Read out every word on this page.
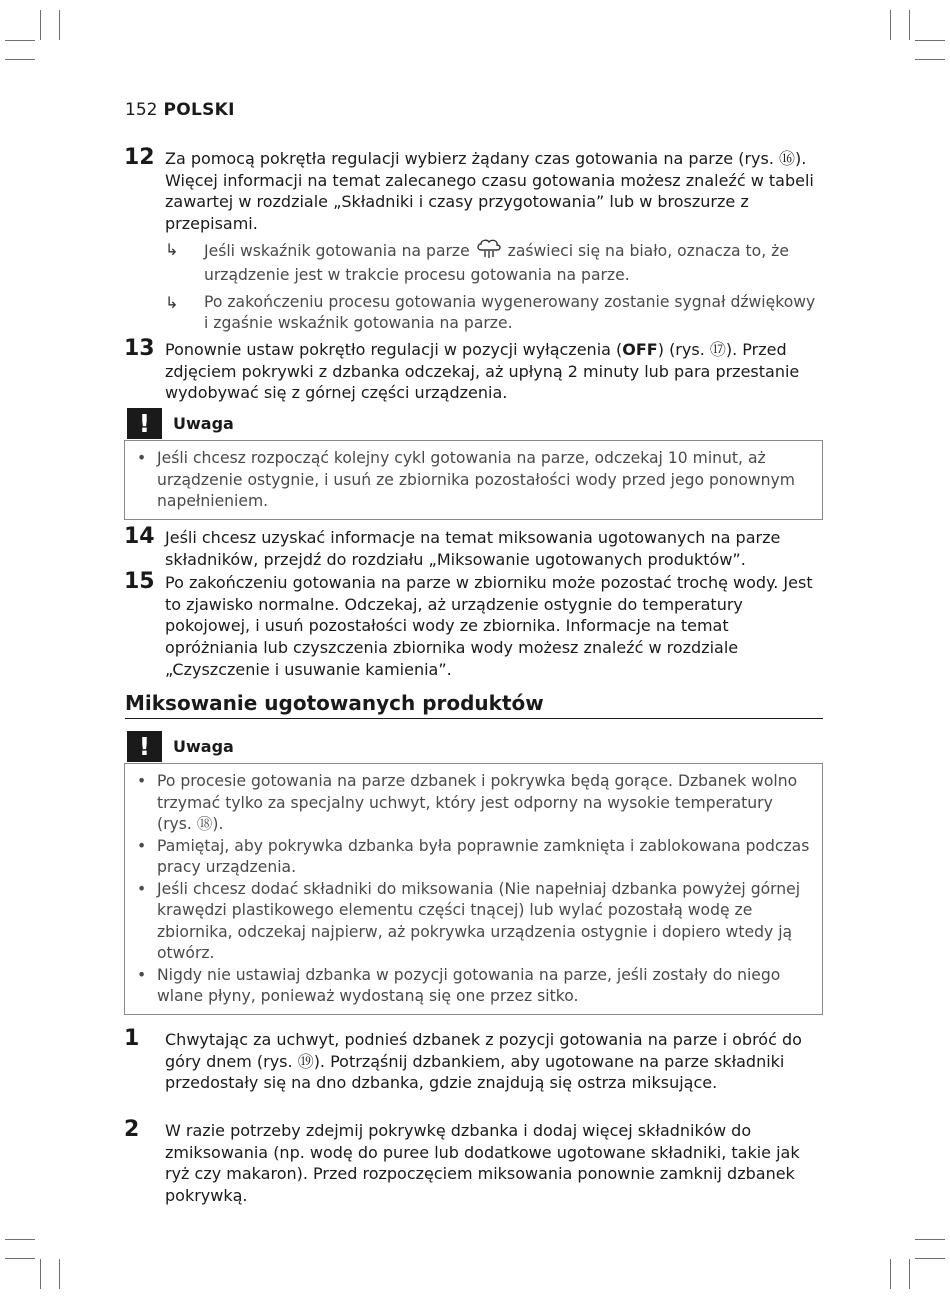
152 POLSKI
12 Za pomocą pokrętła regulacji wybierz żądany czas gotowania na parze (rys. ⑯). Więcej informacji na temat zalecanego czasu gotowania możesz znaleźć w tabeli zawartej w rozdziale „Składniki i czasy przygotowania” lub w broszurze z przepisami.
↳ Jeśli wskaźnik gotowania na parze zaświeci się na biało, oznacza to, że urządzenie jest w trakcie procesu gotowania na parze.
↳ Po zakończeniu procesu gotowania wygenerowany zostanie sygnał dźwiękowy i zgaśnie wskaźnik gotowania na parze.
13 Ponownie ustaw pokrętło regulacji w pozycji wyłączenia (OFF) (rys. ⑰). Przed zdjęciem pokrywki z dzbanka odczekaj, aż upłyną 2 minuty lub para przestanie wydobywać się z górnej części urządzenia.
!	Uwaga
• Jeśli chcesz rozpocząć kolejny cykl gotowania na parze, odczekaj 10 minut, aż urządzenie ostygnie, i usuń ze zbiornika pozostałości wody przed jego ponownym napełnieniem.
14 Jeśli chcesz uzyskać informacje na temat miksowania ugotowanych na parze składników, przejdź do rozdziału „Miksowanie ugotowanych produktów”.
15 Po zakończeniu gotowania na parze w zbiorniku może pozostać trochę wody. Jest to zjawisko normalne. Odczekaj, aż urządzenie ostygnie do temperatury pokojowej, i usuń pozostałości wody ze zbiornika. Informacje na temat opróżniania lub czyszczenia zbiornika wody możesz znaleźć w rozdziale „Czyszczenie i usuwanie kamienia”.
Miksowanie ugotowanych produktów
!	Uwaga
• Po procesie gotowania na parze dzbanek i pokrywka będą gorące. Dzbanek wolno trzymać tylko za specjalny uchwyt, który jest odporny na wysokie temperatury (rys. ⑱).
• Pamiętaj, aby pokrywka dzbanka była poprawnie zamknięta i zablokowana podczas pracy urządzenia.
• Jeśli chcesz dodać składniki do miksowania (Nie napełniaj dzbanka powyżej górnej krawędzi plastikowego elementu części tnącej) lub wylać pozostałą wodę ze zbiornika, odczekaj najpierw, aż pokrywka urządzenia ostygnie i dopiero wtedy ją otwórz.
• Nigdy nie ustawiaj dzbanka w pozycji gotowania na parze, jeśli zostały do niego wlane płyny, ponieważ wydostaną się one przez sitko.
1 Chwytając za uchwyt, podnieś dzbanek z pozycji gotowania na parze i obróć do góry dnem (rys. ⑲). Potrząśnij dzbankiem, aby ugotowane na parze składniki przedostały się na dno dzbanka, gdzie znajdują się ostrza miksujące.
2 W razie potrzeby zdejmij pokrywkę dzbanka i dodaj więcej składników do zmiksowania (np. wodę do puree lub dodatkowe ugotowane składniki, takie jak ryż czy makaron). Przed rozpoczęciem miksowania ponownie zamknij dzbanek pokrywką.
